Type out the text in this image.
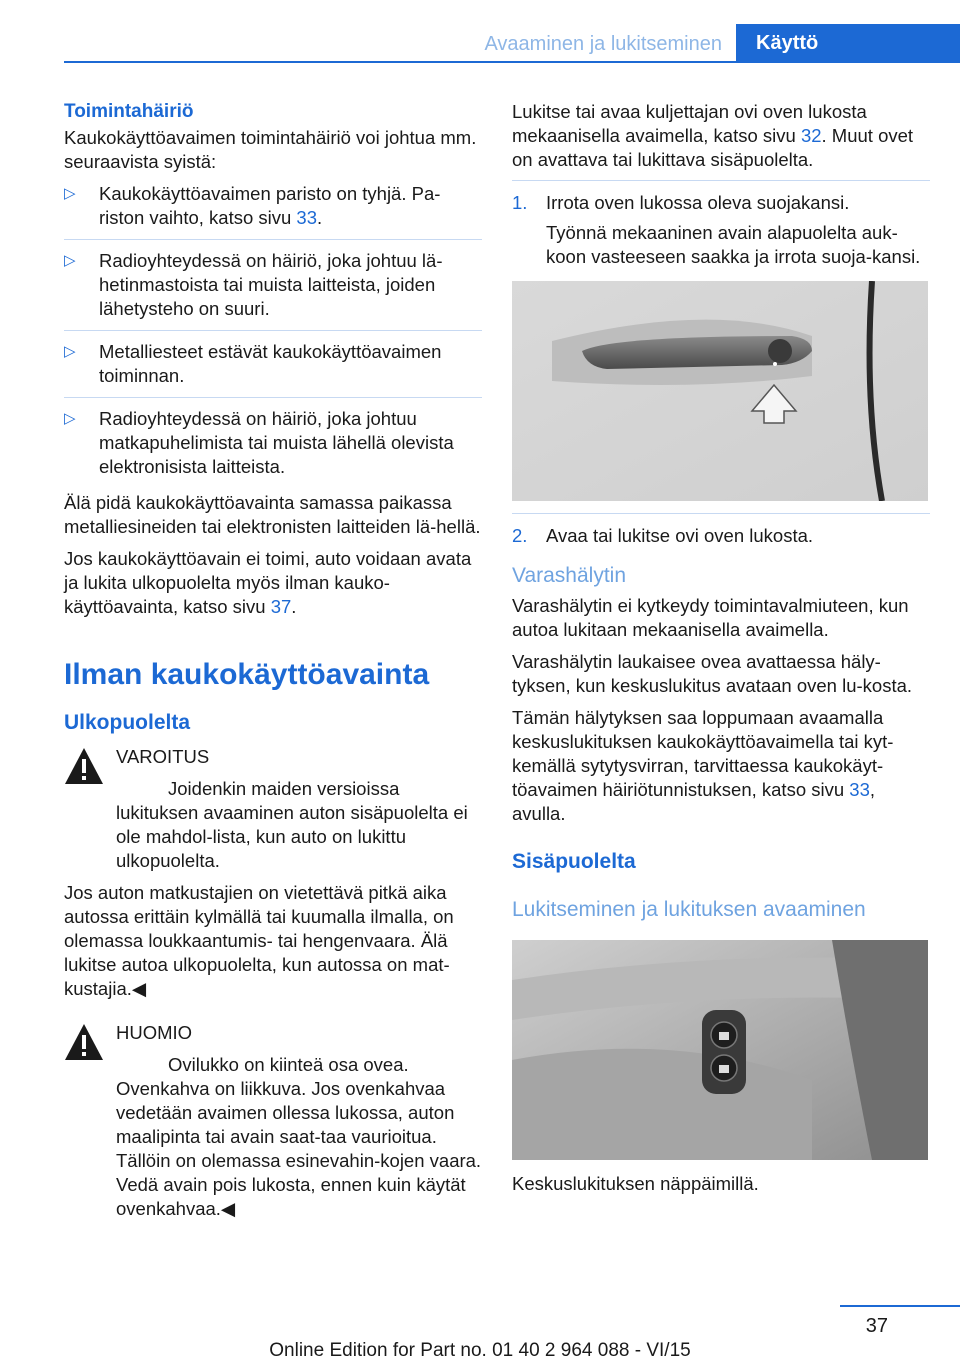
Avaaminen ja lukitseminen	Käyttö
Toimintahäiriö

Kaukokäyttöavaimen toimintahäiriö voi johtua mm. seuraavista syistä:

▷ Kaukokäyttöavaimen paristo on tyhjä. Pa‐riston vaihto, katso sivu 33.
▷ Radioyhteydessä on häiriö, joka johtuu lä‐hetinmastoista tai muista laitteista, joiden lähetysteho on suuri.
▷ Metalliesteet estävät kaukokäyttöavaimen toiminnan.
▷ Radioyhteydessä on häiriö, joka johtuu matkapuhelimista tai muista lähellä olevista elektronisista laitteista.

Älä pidä kaukokäyttöavainta samassa paikassa metalliesineiden tai elektronisten laitteiden lä‐hellä.

Jos kaukokäyttöavain ei toimi, auto voidaan avata ja lukita ulkopuolelta myös ilman kauko‐käyttöavainta, katso sivu 37.

Ilman kaukokäyttöavainta
Ulkopuolelta

VAROITUS

Joidenkin maiden versioissa lukituksen avaaminen auton sisäpuolelta ei ole mahdol‐lista, kun auto on lukittu ulkopuolelta.

Jos auton matkustajien on vietettävä pitkä aika autossa erittäin kylmällä tai kuumalla ilmalla, on olemassa loukkaantumis- tai hengenvaara. Älä lukitse autoa ulkopuolelta, kun autossa on mat‐kustajia.◀

HUOMIO

Ovilukko on kiinteä osa ovea. Ovenkahva on liikkuva. Jos ovenkahvaa vedetään avaimen ollessa lukossa, auton maalipinta tai avain saat‐taa vaurioitua. Tällöin on olemassa esinevahin‐kojen vaara. Vedä avain pois lukosta, ennen kuin käytät ovenkahvaa.◀

Lukitse tai avaa kuljettajan ovi oven lukosta mekaanisella avaimella, katso sivu 32. Muut ovet on avattava tai lukittava sisäpuolelta.

1. Irrota oven lukossa oleva suojakansi.

Työnnä mekaaninen avain alapuolelta auk‐koon vasteeseen saakka ja irrota suoja‐kansi.

2. Avaa tai lukitse ovi oven lukosta.

Varashälytin

Varashälytin ei kytkeydy toimintavalmiuteen, kun autoa lukitaan mekaanisella avaimella.

Varashälytin laukaisee ovea avattaessa häly‐tyksen, kun keskuslukitus avataan oven lu‐kosta.

Tämän hälytyksen saa loppumaan avaamalla keskuslukituksen kaukokäyttöavaimella tai kyt‐kemällä sytytysvirran, tarvittaessa kaukokäyt‐töavaimen häiriötunnistuksen, katso sivu 33, avulla.

Sisäpuolelta
Lukitseminen ja lukituksen avaaminen

Keskuslukituksen näppäimillä.

37
Online Edition for Part no. 01 40 2 964 088 - VI/15
